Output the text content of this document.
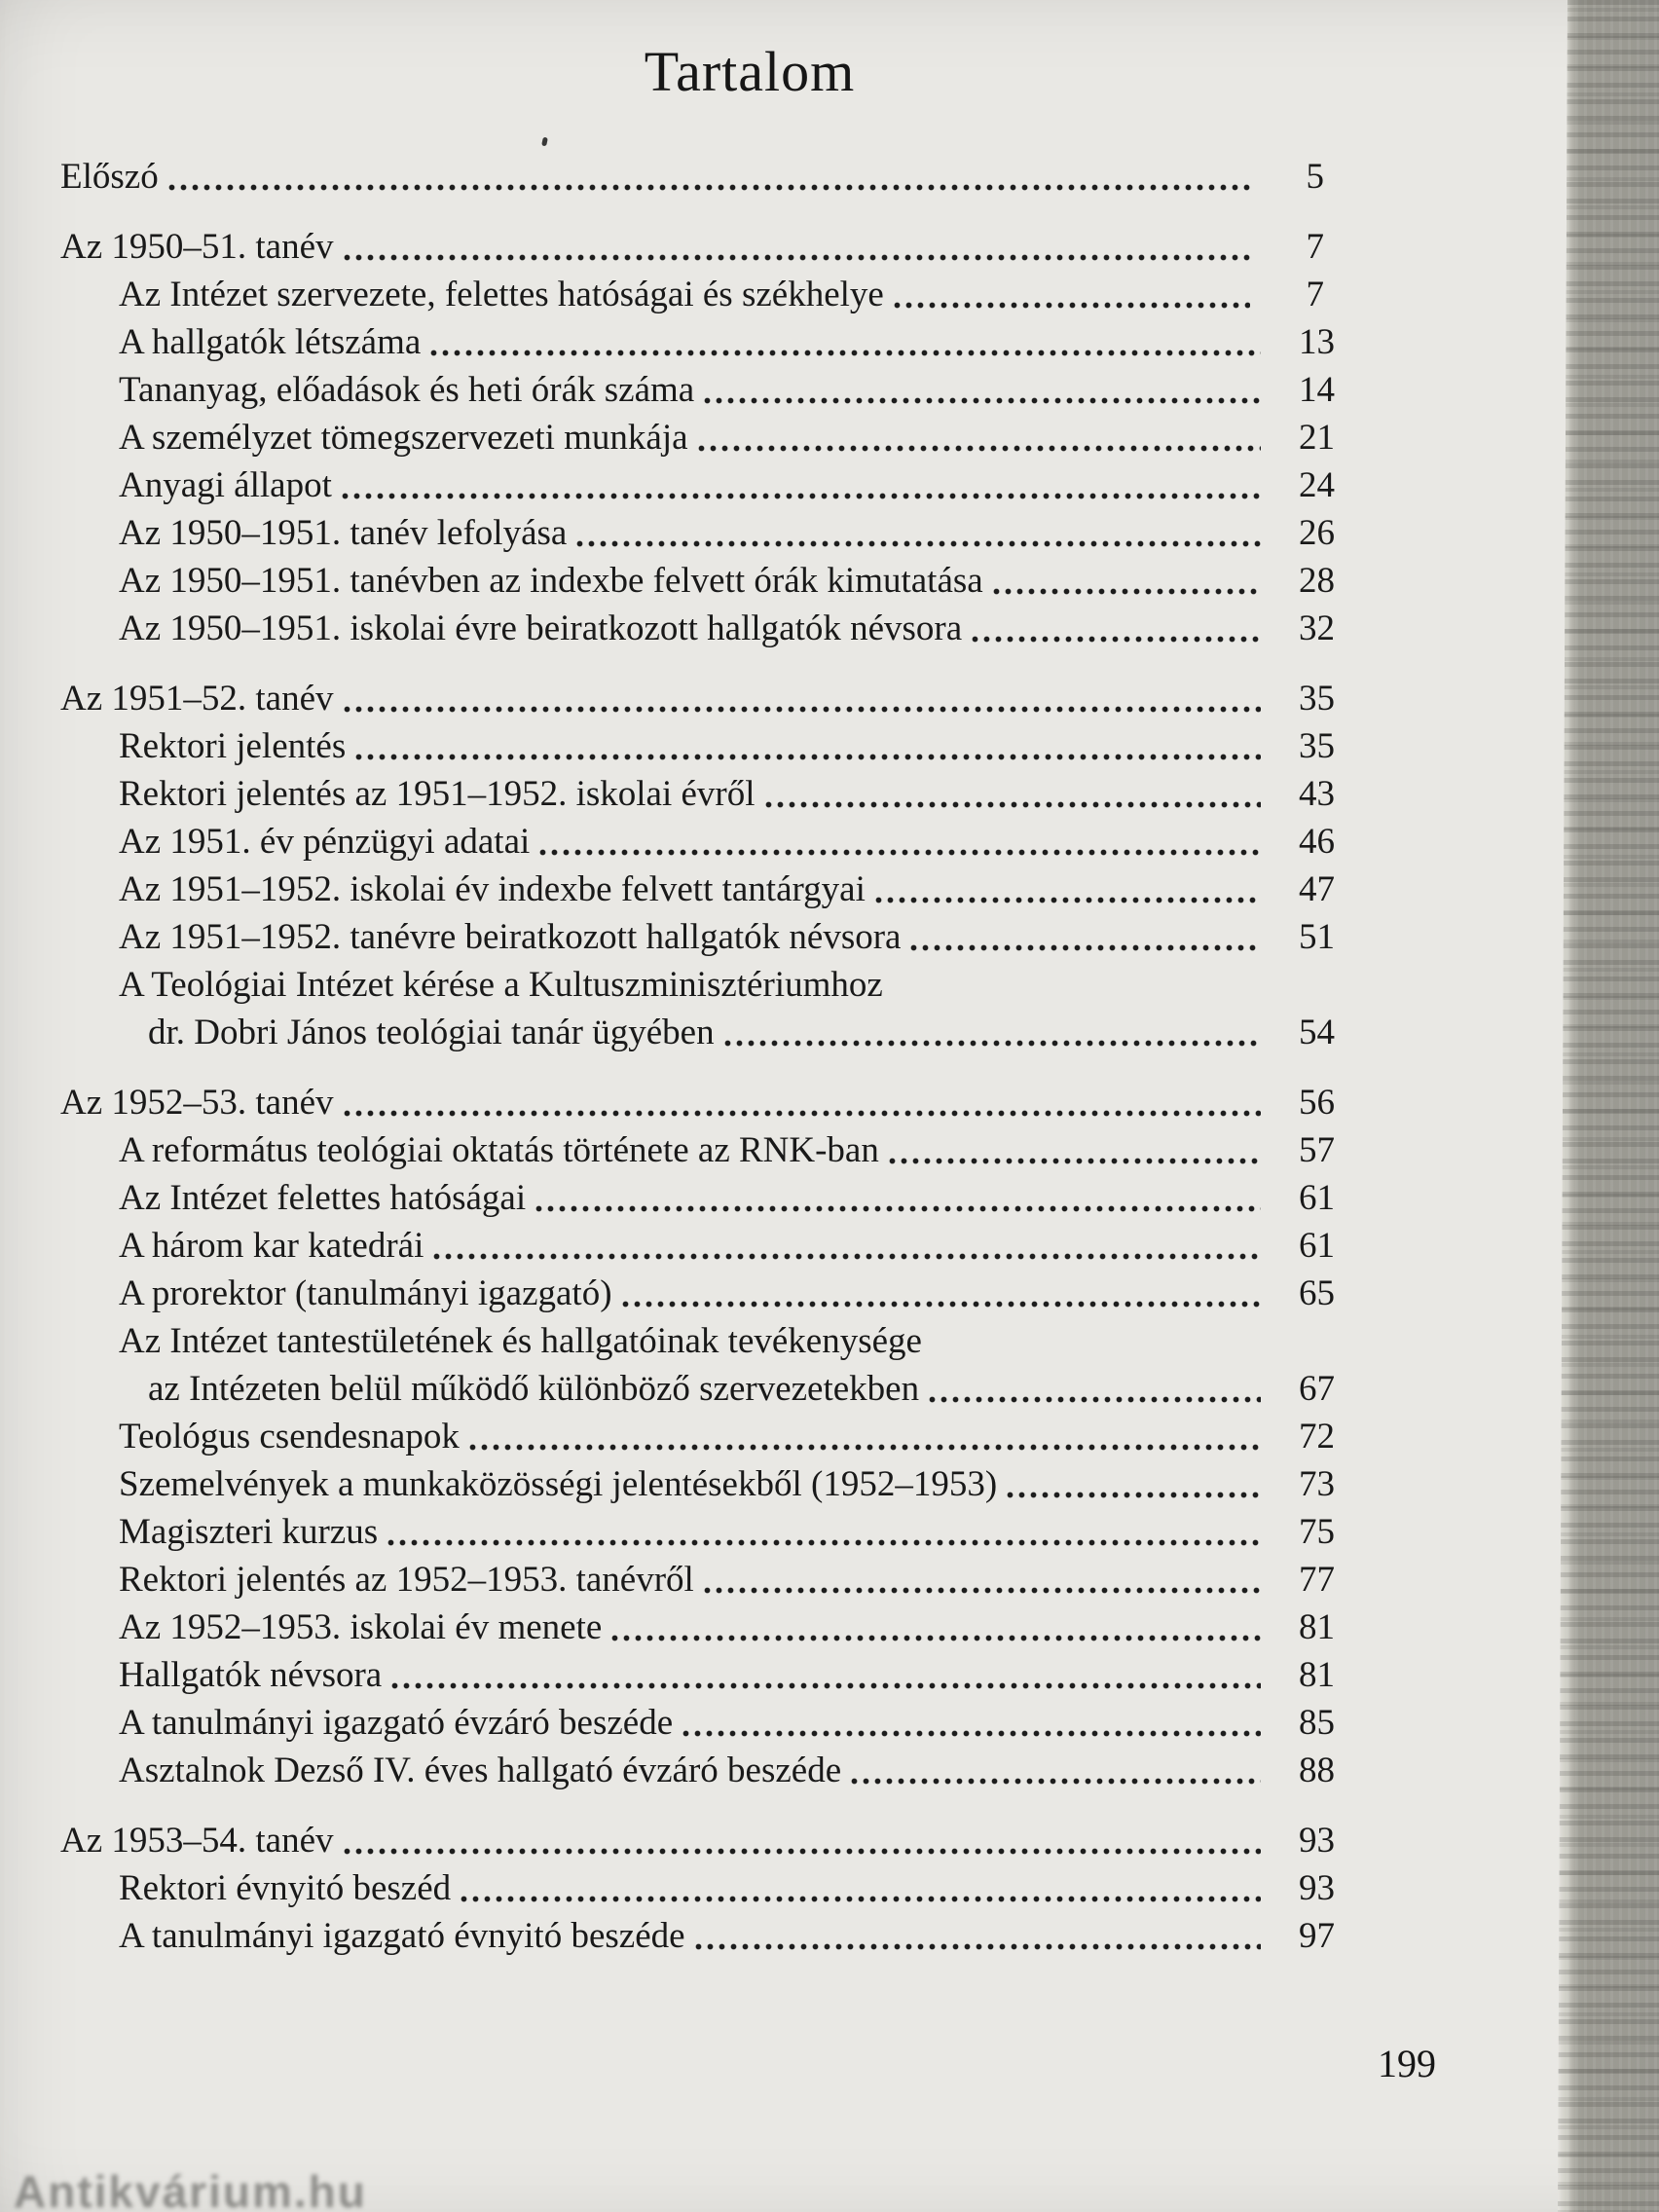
Tartalom
Előszó	5
Az 1950–51. tanév	7
Az Intézet szervezete, felettes hatóságai és székhelye	7
A hallgatók létszáma	13
Tananyag, előadások és heti órák száma	14
A személyzet tömegszervezeti munkája	21
Anyagi állapot	24
Az 1950–1951. tanév lefolyása	26
Az 1950–1951. tanévben az indexbe felvett órák kimutatása	28
Az 1950–1951. iskolai évre beiratkozott hallgatók névsora	32
Az 1951–52. tanév	35
Rektori jelentés	35
Rektori jelentés az 1951–1952. iskolai évről	43
Az 1951. év pénzügyi adatai	46
Az 1951–1952. iskolai év indexbe felvett tantárgyai	47
Az 1951–1952. tanévre beiratkozott hallgatók névsora	51
A Teológiai Intézet kérése a Kultuszminisztériumhoz
dr. Dobri János teológiai tanár ügyében	54
Az 1952–53. tanév	56
A református teológiai oktatás története az RNK-ban	57
Az Intézet felettes hatóságai	61
A három kar katedrái	61
A prorektor (tanulmányi igazgató)	65
Az Intézet tantestületének és hallgatóinak tevékenysége
az Intézeten belül működő különböző szervezetekben	67
Teológus csendesnapok	72
Szemelvények a munkaközösségi jelentésekből (1952–1953)	73
Magiszteri kurzus	75
Rektori jelentés az 1952–1953. tanévről	77
Az 1952–1953. iskolai év menete	81
Hallgatók névsora	81
A tanulmányi igazgató évzáró beszéde	85
Asztalnok Dezső IV. éves hallgató évzáró beszéde	88
Az 1953–54. tanév	93
Rektori évnyitó beszéd	93
A tanulmányi igazgató évnyitó beszéde	97
199
Antikvárium.hu
